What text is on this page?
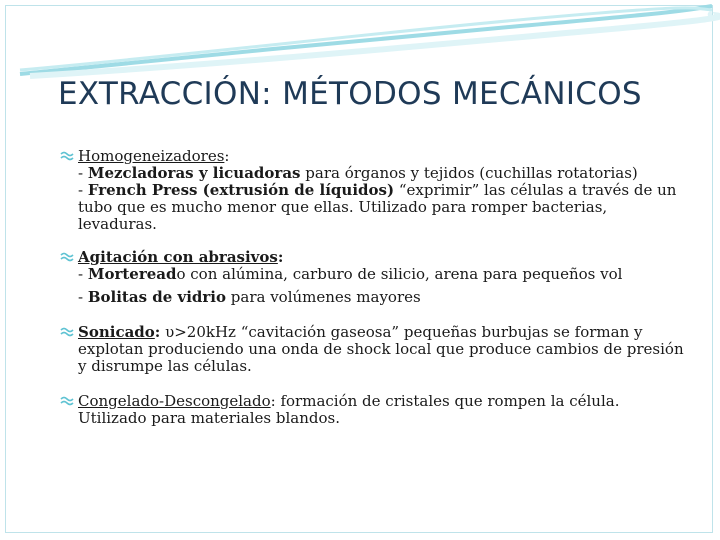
EXTRACCIÓN: MÉTODOS MECÁNICOS
Homogeneizadores:
- Mezcladoras y licuadoras para órganos y tejidos (cuchillas rotatorias)
- French Press (extrusión de líquidos) “exprimir” las células a través de un tubo que es mucho menor que ellas. Utilizado para romper bacterias, levaduras.
Agitación con abrasivos:
- Mortereado con alúmina, carburo de silicio, arena para pequeños vol
- Bolitas de vidrio para volúmenes mayores
Sonicado: υ>20kHz “cavitación gaseosa” pequeñas burbujas se forman y explotan produciendo una onda de shock local que produce cambios de presión y disrumpe las células.
Congelado-Descongelado: formación de cristales que rompen la célula. Utilizado para materiales blandos.
